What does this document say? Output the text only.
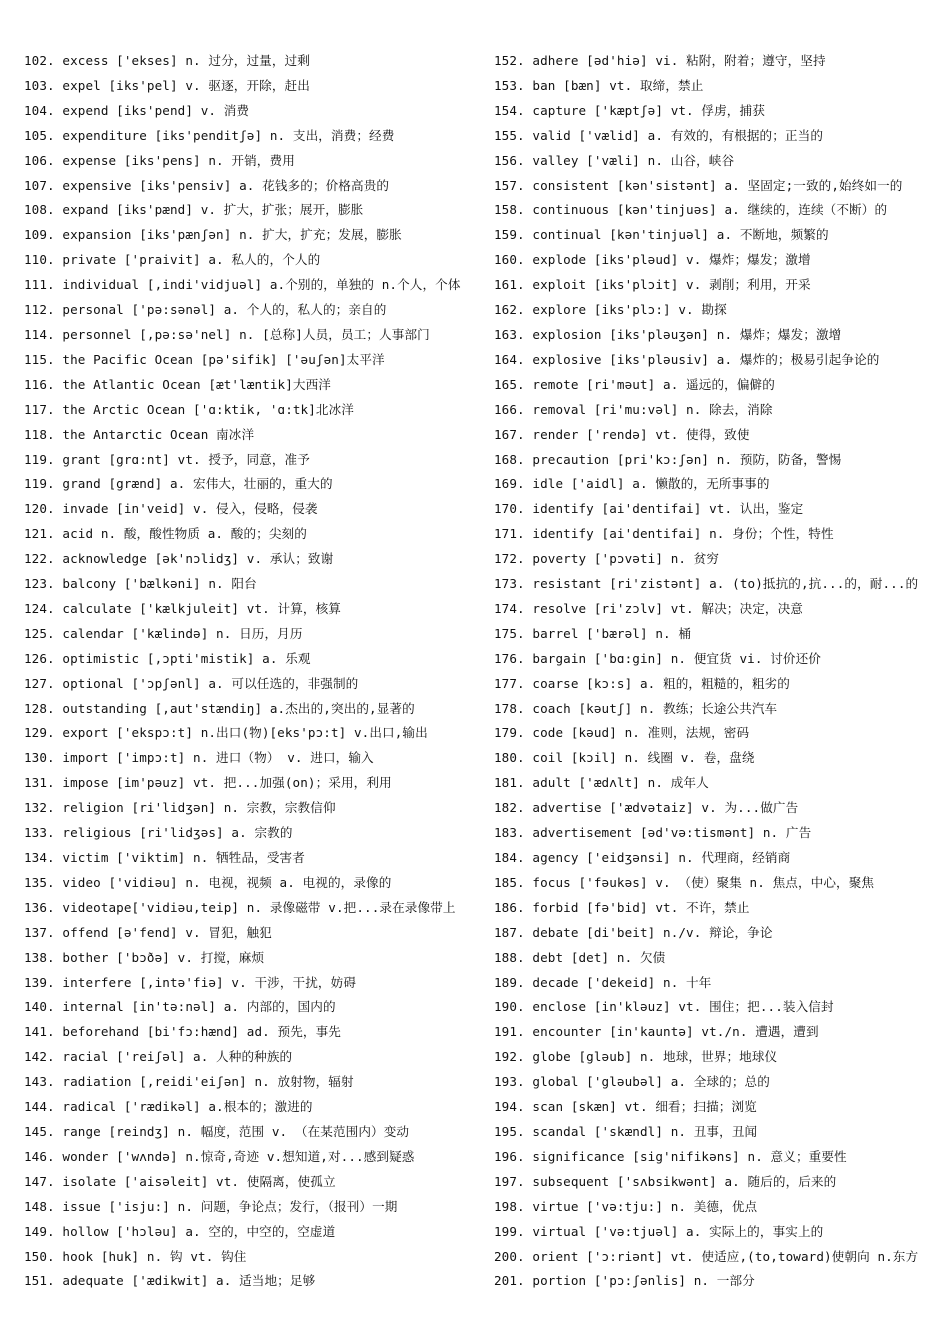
102. excess ['ekses] n. 过分，过量，过剩
103. expel [iks'pel] v. 驱逐，开除，赶出
104. expend [iks'pend] v. 消费
105. expenditure [iks'penditʃə] n. 支出，消费；经费
106. expense [iks'pens] n. 开销，费用
107. expensive [iks'pensiv] a. 花钱多的；价格高贵的
108. expand [iks'pænd] v. 扩大，扩张；展开，膨胀
109. expansion [iks'pænʃən] n. 扩大，扩充；发展，膨胀
110. private ['praivit] a. 私人的，个人的
111. individual [,indi'vidjuəl] a.个别的，单独的 n.个人，个体
112. personal ['pə:sənəl] a. 个人的，私人的；亲自的
114. personnel [,pə:sə'nel] n. [总称]人员，员工；人事部门
115. the Pacific Ocean [pə'sifik] ['əuʃən]太平洋
116. the Atlantic Ocean [æt'læntik]大西洋
117. the Arctic Ocean ['ɑ:ktik, 'ɑ:tk]北冰洋
118. the Antarctic Ocean 南冰洋
119. grant [grɑ:nt] vt. 授予，同意，准予
119. grand [grænd] a. 宏伟大，壮丽的，重大的
120. invade [in'veid] v. 侵入，侵略，侵袭
121. acid n. 酸，酸性物质 a. 酸的；尖刻的
122. acknowledge [ək'nɔlidʒ] v. 承认；致谢
123. balcony ['bælkəni] n. 阳台
124. calculate ['kælkjuleit] vt. 计算，核算
125. calendar ['kælində] n. 日历，月历
126. optimistic [,ɔpti'mistik] a. 乐观
127. optional ['ɔpʃənl] a. 可以任选的，非强制的
128. outstanding [,aut'stændiŋ] a.杰出的,突出的,显著的
129. export ['ekspɔ:t] n.出口(物)[eks'pɔ:t] v.出口,输出
130. import ['impɔ:t] n. 进口（物） v. 进口，输入
131. impose [im'pəuz] vt. 把...加强(on)；采用，利用
132. religion [ri'lidʒən] n. 宗教，宗教信仰
133. religious [ri'lidʒəs] a. 宗教的
134. victim ['viktim] n. 牺牲品，受害者
135. video ['vidiəu] n. 电视，视频 a. 电视的，录像的
136. videotape['vidiəu,teip] n. 录像磁带 v.把...录在录像带上
137. offend [ə'fend] v. 冒犯，触犯
138. bother ['bɔðə] v. 打搅，麻烦
139. interfere [,intə'fiə] v. 干涉，干扰，妨碍
140. internal [in'tə:nəl] a. 内部的，国内的
141. beforehand [bi'fɔ:hænd] ad. 预先，事先
142. racial ['reiʃəl] a. 人种的种族的
143. radiation [,reidi'eiʃən] n. 放射物，辐射
144. radical ['rædikəl] a.根本的；激进的
145. range [reindʒ] n. 幅度，范围 v. （在某范围内）变动
146. wonder ['wʌndə] n.惊奇,奇迹 v.想知道,对...感到疑惑
147. isolate ['aisəleit] vt. 使隔离，使孤立
148. issue ['isju:] n. 问题，争论点；发行，（报刊）一期
149. hollow ['hɔləu] a. 空的，中空的，空虚道
150. hook [huk] n. 钩 vt. 钩住
151. adequate ['ædikwit] a. 适当地；足够
152. adhere [əd'hiə] vi. 粘附，附着；遵守，坚持
153. ban [bæn] vt. 取缔，禁止
154. capture ['kæptʃə] vt. 俘虏，捕获
155. valid ['vælid] a. 有效的，有根据的；正当的
156. valley ['væli] n. 山谷，峡谷
157. consistent [kən'sistənt] a. 坚固定;一致的,始终如一的
158. continuous [kən'tinjuəs] a. 继续的，连续（不断）的
159. continual [kən'tinjuəl] a. 不断地，频繁的
160. explode [iks'pləud] v. 爆炸；爆发；激增
161. exploit [iks'plɔit] v. 剥削；利用，开采
162. explore [iks'plɔ:] v. 勘探
163. explosion [iks'pləuʒən] n. 爆炸；爆发；激增
164. explosive [iks'pləusiv] a. 爆炸的；极易引起争论的
165. remote [ri'məut] a. 遥远的，偏僻的
166. removal [ri'mu:vəl] n. 除去，消除
167. render ['rendə] vt. 使得，致使
168. precaution [pri'kɔ:ʃən] n. 预防，防备，警惕
169. idle ['aidl] a. 懒散的，无所事事的
170. identify [ai'dentifai] vt. 认出，鉴定
171. identify [ai'dentifai] n. 身份；个性，特性
172. poverty ['pɔvəti] n. 贫穷
173. resistant [ri'zistənt] a. (to)抵抗的,抗...的，耐...的
174. resolve [ri'zɔlv] vt. 解决；决定，决意
175. barrel ['bærəl] n. 桶
176. bargain ['bɑ:gin] n. 便宜货 vi. 讨价还价
177. coarse [kɔ:s] a. 粗的，粗糙的，粗劣的
178. coach [kəutʃ] n. 教练；长途公共汽车
179. code [kəud] n. 准则，法规，密码
180. coil [kɔil] n. 线圈 v. 卷，盘绕
181. adult ['ædʌlt] n. 成年人
182. advertise ['ædvətaiz] v. 为...做广告
183. advertisement [əd'və:tismənt] n. 广告
184. agency ['eidʒənsi] n. 代理商，经销商
185. focus ['fəukəs] v. （使）聚集 n. 焦点，中心，聚焦
186. forbid [fə'bid] vt. 不许，禁止
187. debate [di'beit] n./v. 辩论，争论
188. debt [det] n. 欠债
189. decade ['dekeid] n. 十年
190. enclose [in'kləuz] vt. 围住；把...装入信封
191. encounter [in'kauntə] vt./n. 遭遇，遭到
192. globe [gləub] n. 地球，世界；地球仪
193. global ['gləubəl] a. 全球的；总的
194. scan [skæn] vt. 细看；扫描；浏览
195. scandal ['skændl] n. 丑事，丑闻
196. significance [sig'nifikəns] n. 意义；重要性
197. subsequent ['sʌbsikwənt] a. 随后的，后来的
198. virtue ['və:tju:] n. 美德，优点
199. virtual ['və:tjuəl] a. 实际上的，事实上的
200. orient ['ɔ:riənt] vt. 使适应,(to,toward)使朝向 n.东方
201. portion ['pɔ:ʃənlis] n. 一部分
